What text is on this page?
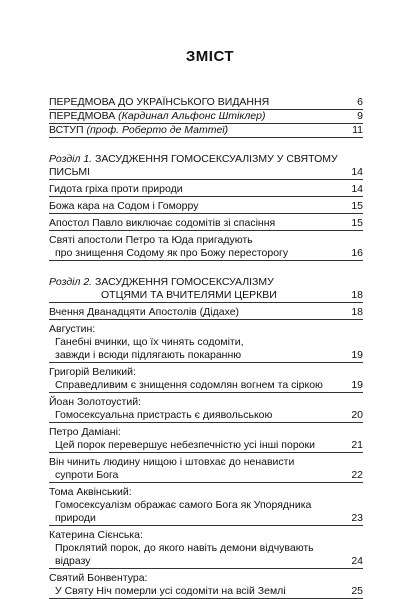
ЗМІСТ
ПЕРЕДМОВА ДО УКРАЇНСЬКОГО ВИДАННЯ	6
ПЕРЕДМОВА (Кардинал Альфонс Штіклер)	9
ВСТУП (проф. Роберто де Маттеї)	11
Розділ 1. ЗАСУДЖЕННЯ ГОМОСЕКСУАЛІЗМУ У СВЯТОМУ ПИСЬМІ	14
Гидота гріха проти природи	14
Божа кара на Содом і Гоморру	15
Апостол Павло виключає содомітів зі спасіння	15
Святі апостоли Петро та Юда пригадують
про знищення Содому як про Божу пересторогу	16
Розділ 2. ЗАСУДЖЕННЯ ГОМОСЕКСУАЛІЗМУ
ОТЦЯМИ ТА ВЧИТЕЛЯМИ ЦЕРКВИ	18
Вчення Дванадцяти Апостолів (Дідахе)	18
Августин:
Ганебні вчинки, що їх чинять содоміти,
завжди і всюди підлягають покаранню	19
Григорій Великий:
Справедливим є знищення содомлян вогнем та сіркою	19
Йоан Золотоустий:
Гомосексуальна пристрасть є диявольською	20
Петро Даміані:
Цей порок перевершує небезпечністю усі інші пороки	21
Він чинить людину нищою і штовхає до ненависти
супроти Бога	22
Тома Аквінський:
Гомосексуалізм ображає самого Бога як Упорядника природи	23
Катерина Сієнська:
Проклятий порок, до якого навіть демони відчувають відразу	24
Святий Бонвентура:
У Святу Ніч померли усі содоміти на всій Землі	25
